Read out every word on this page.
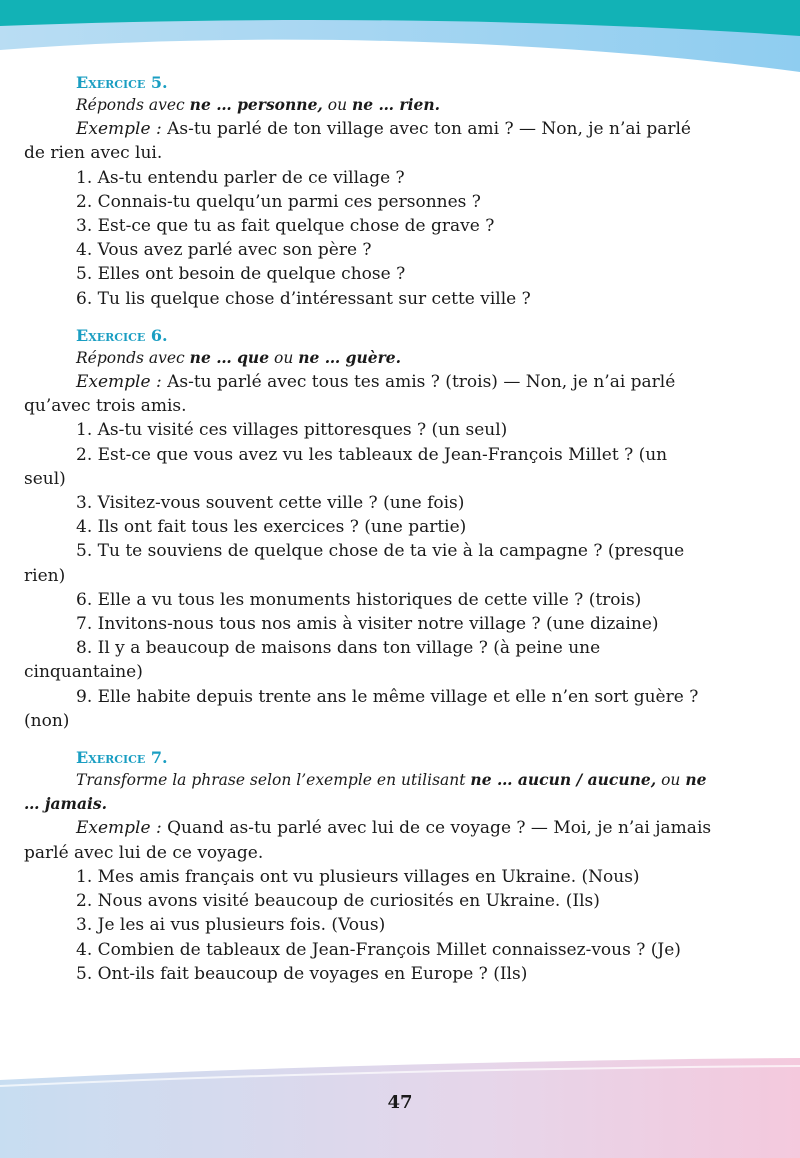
Exercice 5.
Réponds avec ne … personne, ou ne … rien.
Exemple : As-tu parlé de ton village avec ton ami ? — Non, je n’ai parlé de rien avec lui.
1. As-tu entendu parler de ce village ?
2. Connais-tu quelqu’un parmi ces personnes ?
3. Est-ce que tu as fait quelque chose de grave ?
4. Vous avez parlé avec son père ?
5. Elles ont besoin de quelque chose ?
6. Tu lis quelque chose d’intéressant sur cette ville ?
Exercice 6.
Réponds avec ne … que ou ne … guère.
Exemple : As-tu parlé avec tous tes amis ? (trois) — Non, je n’ai parlé qu’avec trois amis.
1. As-tu visité ces villages pittoresques ? (un seul)
2. Est-ce que vous avez vu les tableaux de Jean-François Millet ? (un seul)
3. Visitez-vous souvent cette ville ? (une fois)
4. Ils ont fait tous les exercices ? (une partie)
5. Tu te souviens de quelque chose de ta vie à la campagne ? (presque rien)
6. Elle a vu tous les monuments historiques de cette ville ? (trois)
7. Invitons-nous tous nos amis à visiter notre village ? (une dizaine)
8. Il y a beaucoup de maisons dans ton village ? (à peine une cinquantaine)
9. Elle habite depuis trente ans le même village et elle n’en sort guère ? (non)
Exercice 7.
Transforme la phrase selon l’exemple en utilisant ne … aucun / aucune, ou ne … jamais.
Exemple : Quand as-tu parlé avec lui de ce voyage ? — Moi, je n’ai jamais parlé avec lui de ce voyage.
1. Mes amis français ont vu plusieurs villages en Ukraine. (Nous)
2. Nous avons visité beaucoup de curiosités en Ukraine. (Ils)
3. Je les ai vus plusieurs fois. (Vous)
4. Combien de tableaux de Jean-François Millet connaissez-vous ? (Je)
5. Ont-ils fait beaucoup de voyages en Europe ? (Ils)
47
